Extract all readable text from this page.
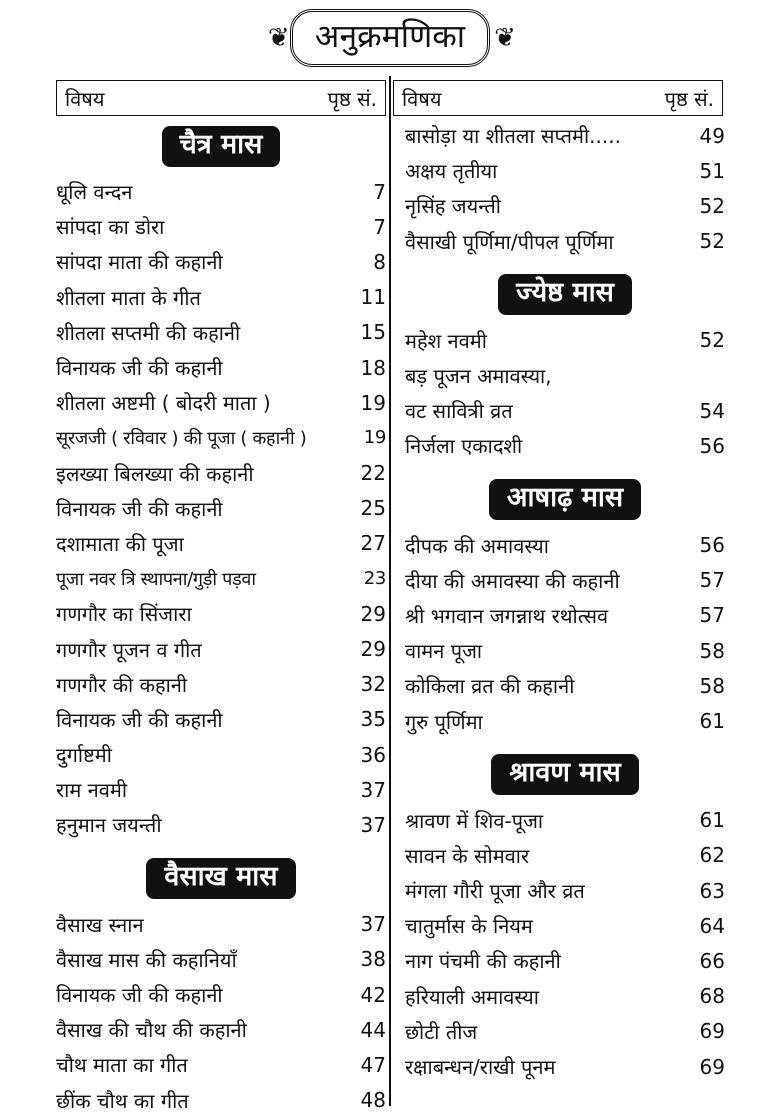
❦ अनुक्रमणिका	❦
विषय	पृष्ठ सं. विषय	पृष्ठ सं.
चैत्र मास
धूलि वन्दन	7
सांपदा का डोरा	7
सांपदा माता की कहानी	8
शीतला माता के गीत	11
शीतला सप्तमी की कहानी	15
विनायक जी की कहानी	18
शीतला अष्टमी ( बोदरी माता )	19
सूरजजी ( रविवार ) की पूजा ( कहानी )	19
इलख्या बिलख्या की कहानी	22
विनायक जी की कहानी	25
दशामाता की पूजा	27
पूजा नवर त्रि स्थापना/गुड़ी पड़वा	23
गणगौर का सिंजारा	29
गणगौर पूजन व गीत	29
गणगौर की कहानी	32
विनायक जी की कहानी	35
दुर्गाष्टमी	36
राम नवमी	37
हनुमान जयन्ती	37
वैसाख मास
वैसाख स्नान	37
वैसाख मास की कहानियाँ	38
विनायक जी की कहानी	42
वैसाख की चौथ की कहानी	44
चौथ माता का गीत	47
छींक चौथ का गीत	48
बासोड़ा या शीतला सप्तमी.....	49
अक्षय तृतीया	51
नृसिंह जयन्ती	52
वैसाखी पूर्णिमा/पीपल पूर्णिमा	52
ज्येष्ठ मास
महेश नवमी	52
बड़ पूजन अमावस्या,
वट सावित्री व्रत	54
निर्जला एकादशी	56
आषाढ़ मास
दीपक की अमावस्या	56
दीया की अमावस्या की कहानी	57
श्री भगवान जगन्नाथ रथोत्सव	57
वामन पूजा	58
कोकिला व्रत की कहानी	58
गुरु पूर्णिमा	61
श्रावण मास
श्रावण में शिव-पूजा	61
सावन के सोमवार	62
मंगला गौरी पूजा और व्रत	63
चातुर्मास के नियम	64
नाग पंचमी की कहानी	66
हरियाली अमावस्या	68
छोटी तीज	69
रक्षाबन्धन/राखी पूनम	69
